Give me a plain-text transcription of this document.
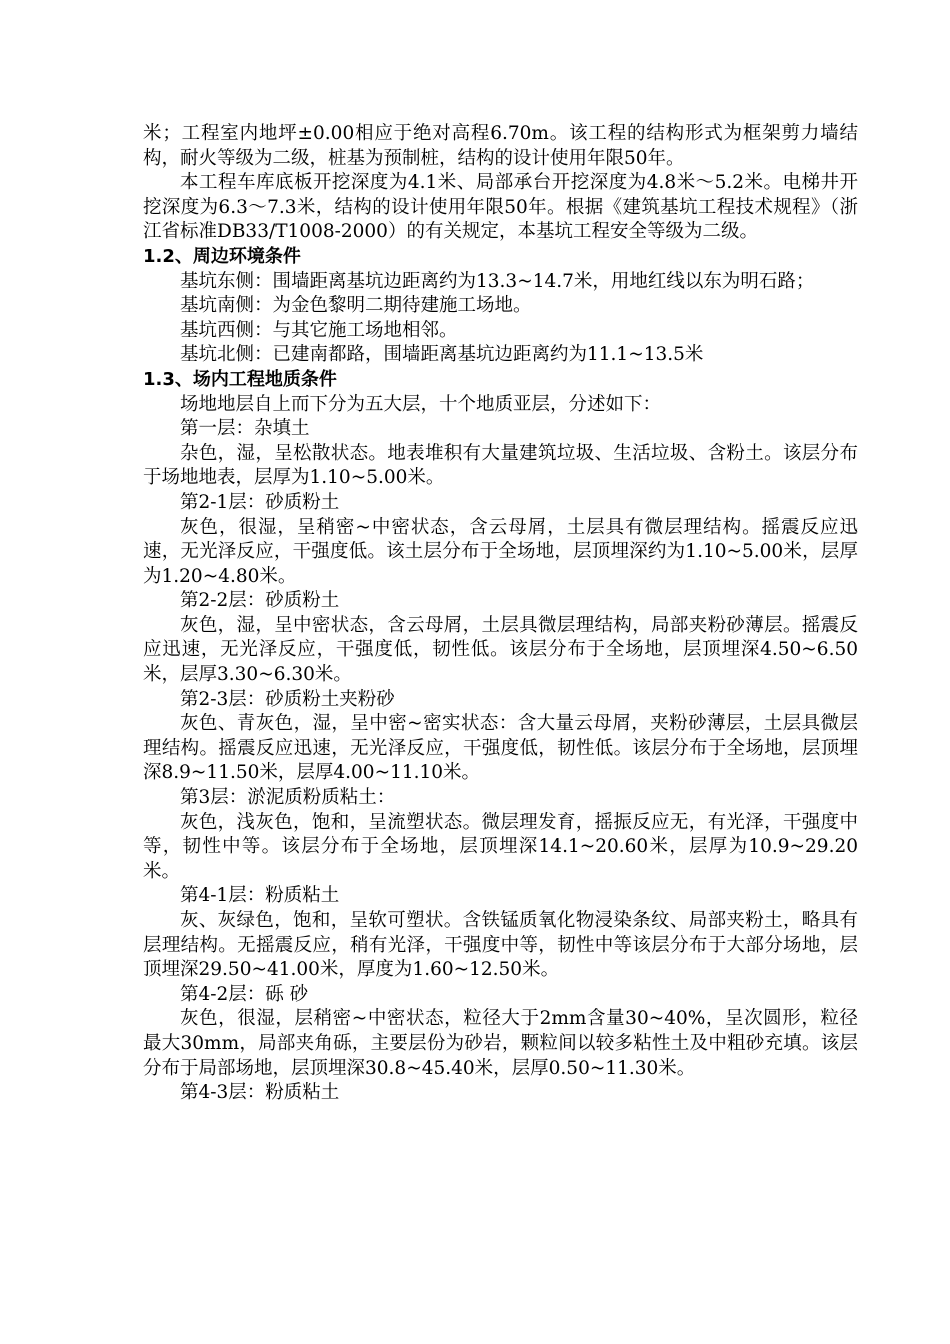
米；工程室内地坪±0.00相应于绝对高程6.70m。该工程的结构形式为框架剪力墙结构，耐火等级为二级，桩基为预制桩，结构的设计使用年限50年。

本工程车库底板开挖深度为4.1米、局部承台开挖深度为4.8米～5.2米。电梯井开挖深度为6.3～7.3米，结构的设计使用年限50年。根据《建筑基坑工程技术规程》（浙江省标准DB33/T1008-2000）的有关规定，本基坑工程安全等级为二级。

1.2、周边环境条件

基坑东侧：围墙距离基坑边距离约为13.3~14.7米，用地红线以东为明石路；

基坑南侧：为金色黎明二期待建施工场地。

基坑西侧：与其它施工场地相邻。

基坑北侧：已建南都路，围墙距离基坑边距离约为11.1~13.5米

1.3、场内工程地质条件

场地地层自上而下分为五大层，十个地质亚层，分述如下：

第一层：杂填土

杂色，湿，呈松散状态。地表堆积有大量建筑垃圾、生活垃圾、含粉土。该层分布于场地地表，层厚为1.10~5.00米。

第2-1层：砂质粉土

灰色，很湿，呈稍密~中密状态，含云母屑，土层具有微层理结构。摇震反应迅速，无光泽反应，干强度低。该土层分布于全场地，层顶埋深约为1.10~5.00米，层厚为1.20~4.80米。

第2-2层：砂质粉土

灰色，湿，呈中密状态，含云母屑，土层具微层理结构，局部夹粉砂薄层。摇震反应迅速，无光泽反应，干强度低，韧性低。该层分布于全场地，层顶埋深4.50~6.50米，层厚3.30~6.30米。

第2-3层：砂质粉土夹粉砂

灰色、青灰色，湿，呈中密~密实状态：含大量云母屑，夹粉砂薄层，土层具微层理结构。摇震反应迅速，无光泽反应，干强度低，韧性低。该层分布于全场地，层顶埋深8.9~11.50米，层厚4.00~11.10米。

第3层：淤泥质粉质粘土：

灰色，浅灰色，饱和，呈流塑状态。微层理发育，摇振反应无，有光泽，干强度中等，韧性中等。该层分布于全场地，层顶埋深14.1~20.60米，层厚为10.9~29.20米。

第4-1层：粉质粘土

灰、灰绿色，饱和，呈软可塑状。含铁锰质氧化物浸染条纹、局部夹粉土，略具有层理结构。无摇震反应，稍有光泽，干强度中等，韧性中等该层分布于大部分场地，层顶埋深29.50~41.00米，厚度为1.60~12.50米。

第4-2层：砾 砂

灰色，很湿，层稍密~中密状态，粒径大于2mm含量30~40%，呈次圆形，粒径最大30mm，局部夹角砾，主要层份为砂岩，颗粒间以较多粘性土及中粗砂充填。该层分布于局部场地，层顶埋深30.8~45.40米，层厚0.50~11.30米。

第4-3层：粉质粘土
